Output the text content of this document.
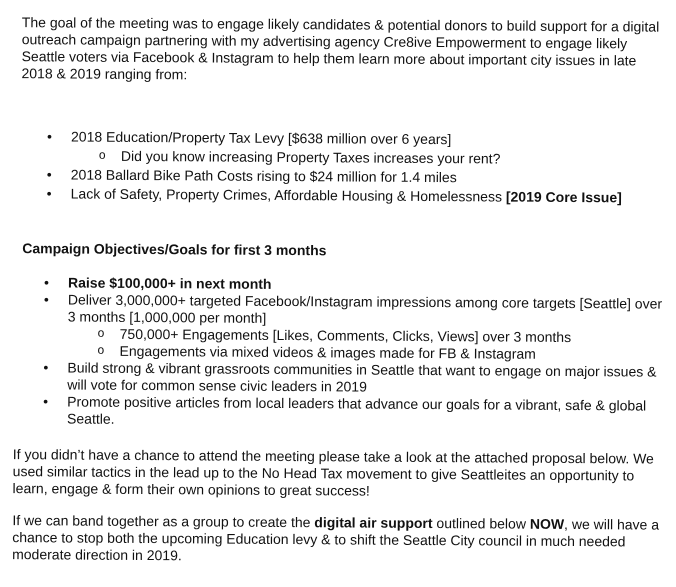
The goal of the meeting was to engage likely candidates & potential donors to build support for a digital outreach campaign partnering with my advertising agency Cre8ive Empowerment to engage likely Seattle voters via Facebook & Instagram to help them learn more about important city issues in late 2018 & 2019 ranging from:

• 2018 Education/Property Tax Levy [$638 million over 6 years]
o Did you know increasing Property Taxes increases your rent?
• 2018 Ballard Bike Path Costs rising to $24 million for 1.4 miles
• Lack of Safety, Property Crimes, Affordable Housing & Homelessness [2019 Core Issue]

Campaign Objectives/Goals for first 3 months

• Raise $100,000+ in next month
• Deliver 3,000,000+ targeted Facebook/Instagram impressions among core targets [Seattle] over 3 months [1,000,000 per month]
o 750,000+ Engagements [Likes, Comments, Clicks, Views] over 3 months
o Engagements via mixed videos & images made for FB & Instagram
• Build strong & vibrant grassroots communities in Seattle that want to engage on major issues & will vote for common sense civic leaders in 2019
• Promote positive articles from local leaders that advance our goals for a vibrant, safe & global Seattle.

If you didn’t have a chance to attend the meeting please take a look at the attached proposal below. We used similar tactics in the lead up to the No Head Tax movement to give Seattleites an opportunity to learn, engage & form their own opinions to great success!

If we can band together as a group to create the digital air support outlined below NOW, we will have a chance to stop both the upcoming Education levy & to shift the Seattle City council in much needed moderate direction in 2019.
